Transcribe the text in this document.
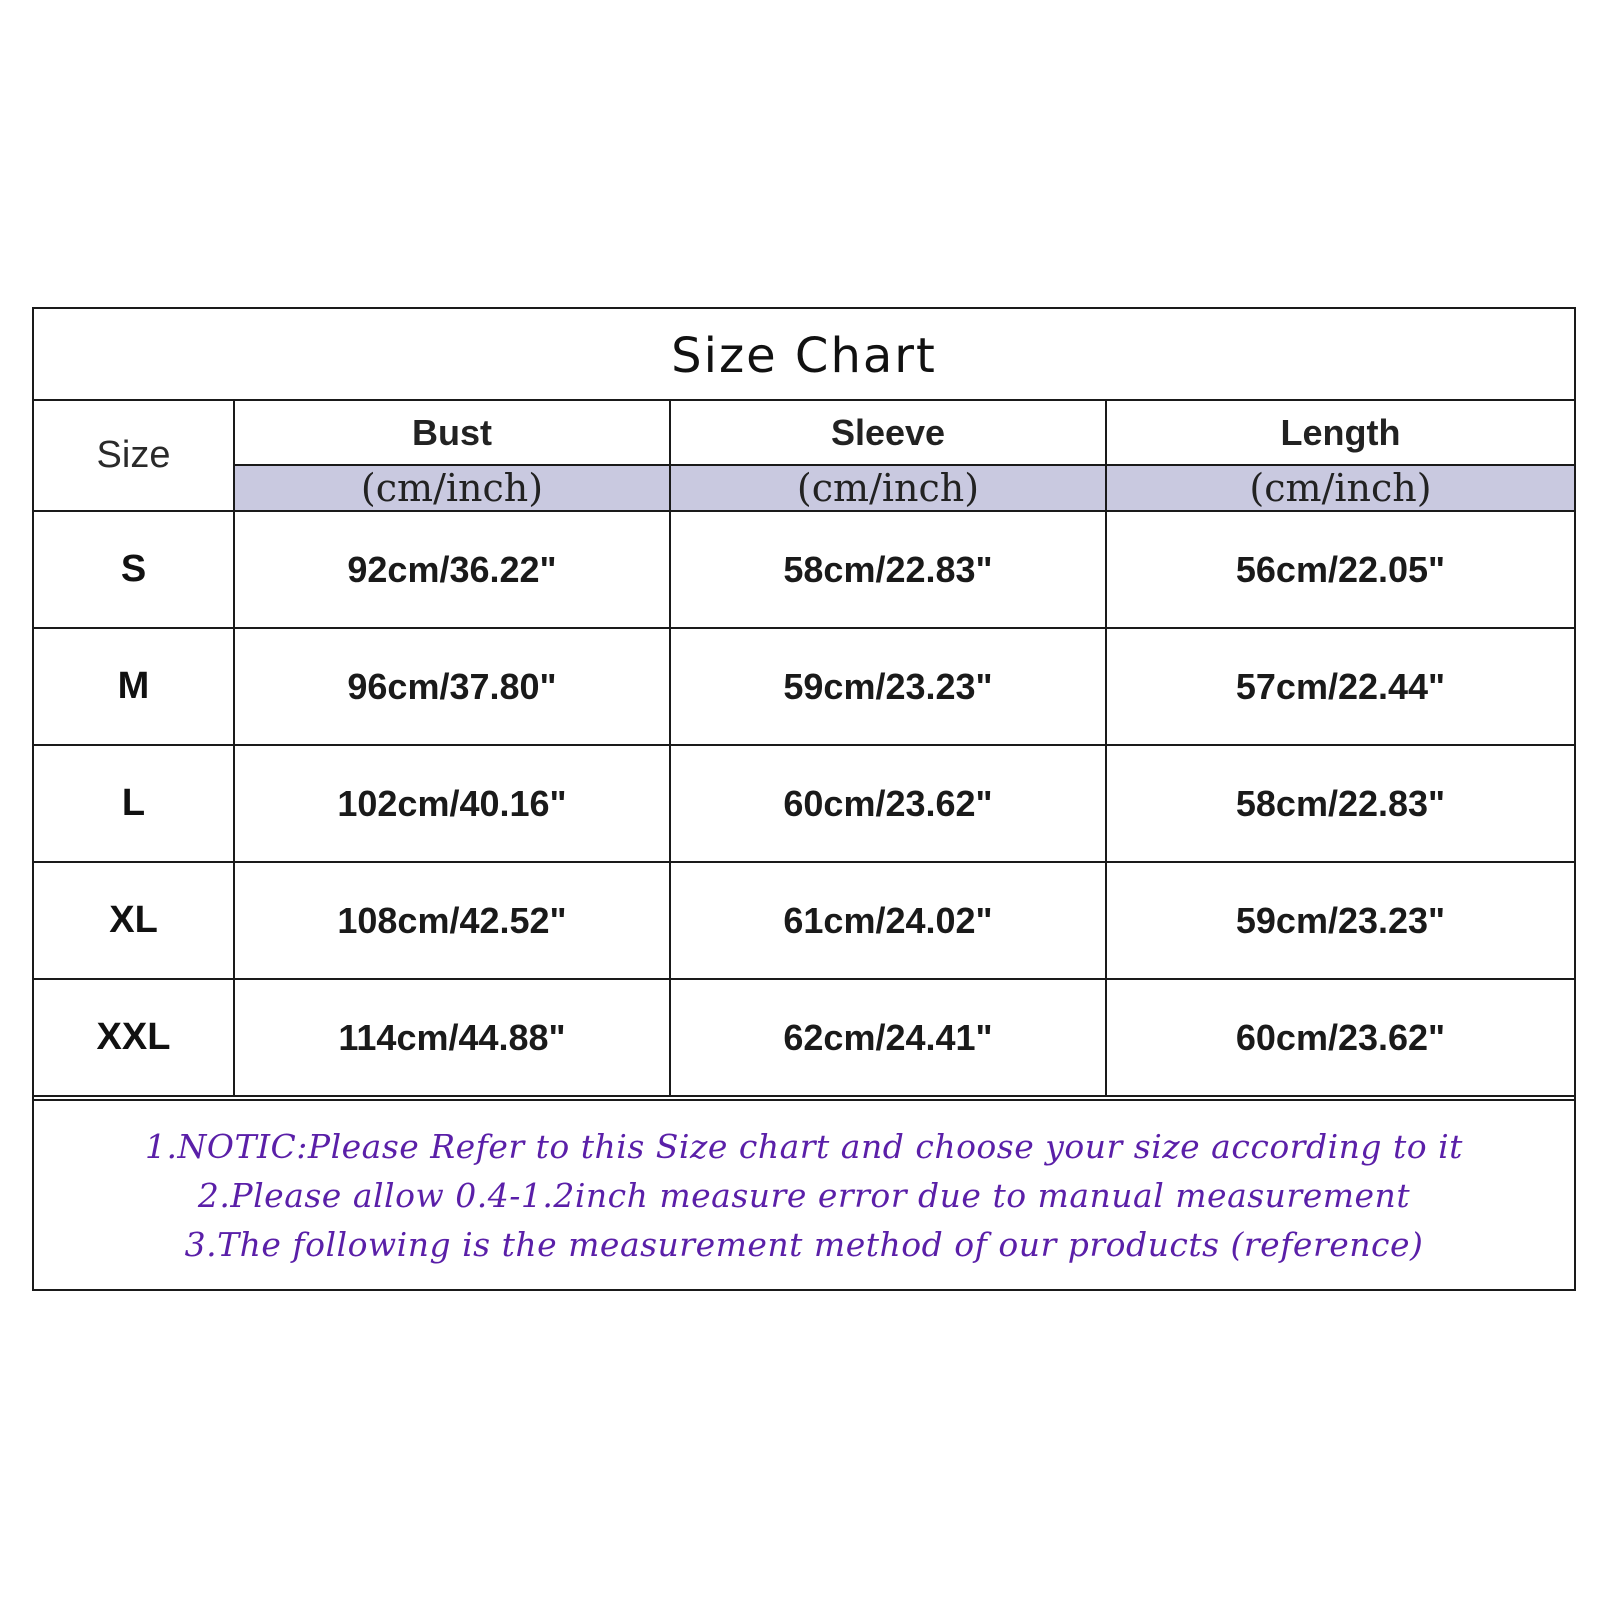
Size Chart
Size	Bust	Sleeve	Length
	(cm/inch)	(cm/inch)	(cm/inch)
S	92cm/36.22"	58cm/22.83"	56cm/22.05"
M	96cm/37.80"	59cm/23.23"	57cm/22.44"
L	102cm/40.16"	60cm/23.62"	58cm/22.83"
XL	108cm/42.52"	61cm/24.02"	59cm/23.23"
XXL	114cm/44.88"	62cm/24.41"	60cm/23.62"
1.NOTIC:Please Refer to this Size chart and choose your size according to it
2.Please allow 0.4-1.2inch measure error due to manual measurement
3.The following is the measurement method of our products (reference)
